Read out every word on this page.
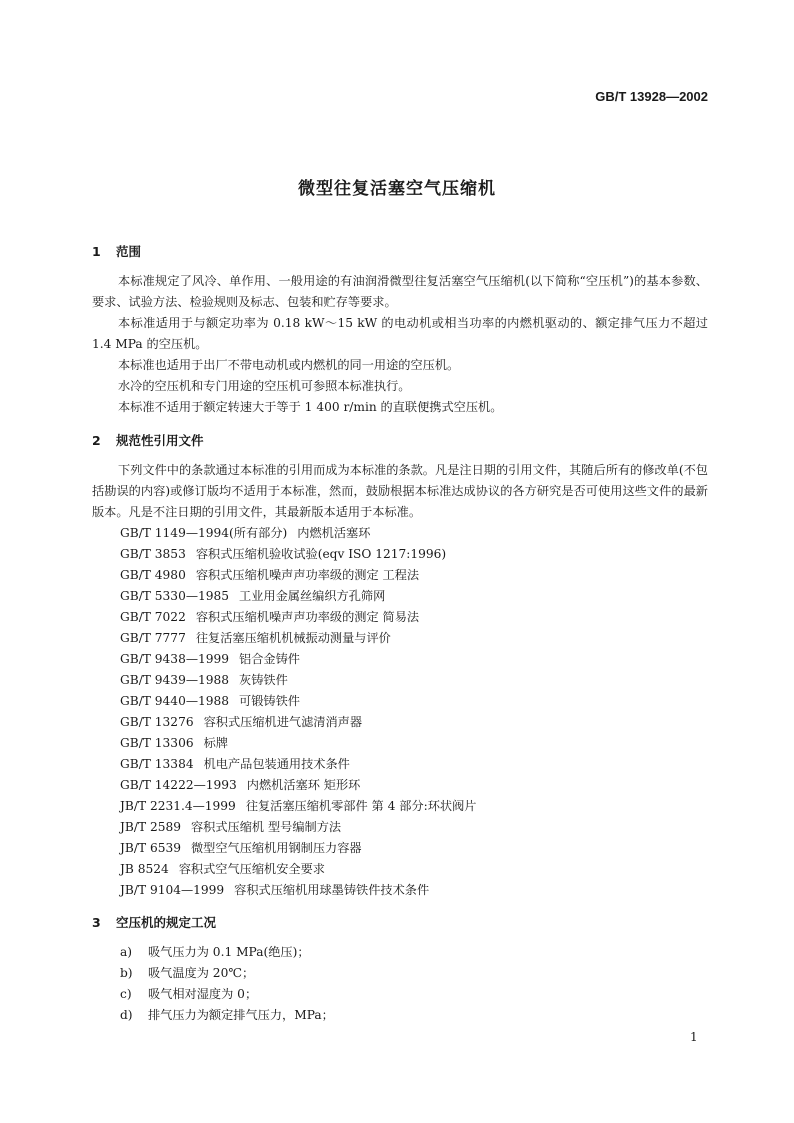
GB/T 13928—2002
微型往复活塞空气压缩机
1 范围

本标准规定了风冷、单作用、一般用途的有油润滑微型往复活塞空气压缩机(以下简称“空压机”)的基本参数、要求、试验方法、检验规则及标志、包装和贮存等要求。

本标准适用于与额定功率为 0.18 kW～15 kW 的电动机或相当功率的内燃机驱动的、额定排气压力不超过 1.4 MPa 的空压机。

本标准也适用于出厂不带电动机或内燃机的同一用途的空压机。

水冷的空压机和专门用途的空压机可参照本标准执行。

本标准不适用于额定转速大于等于 1 400 r/min 的直联便携式空压机。

2 规范性引用文件

下列文件中的条款通过本标准的引用而成为本标准的条款。凡是注日期的引用文件，其随后所有的修改单(不包括勘误的内容)或修订版均不适用于本标准，然而，鼓励根据本标准达成协议的各方研究是否可使用这些文件的最新版本。凡是不注日期的引用文件，其最新版本适用于本标准。

GB/T 1149—1994(所有部分) 内燃机活塞环
GB/T 3853 容积式压缩机验收试验(eqv ISO 1217:1996)
GB/T 4980 容积式压缩机噪声声功率级的测定 工程法
GB/T 5330—1985 工业用金属丝编织方孔筛网
GB/T 7022 容积式压缩机噪声声功率级的测定 简易法
GB/T 7777 往复活塞压缩机机械振动测量与评价
GB/T 9438—1999 铝合金铸件
GB/T 9439—1988 灰铸铁件
GB/T 9440—1988 可锻铸铁件
GB/T 13276 容积式压缩机进气滤清消声器
GB/T 13306 标牌
GB/T 13384 机电产品包装通用技术条件
GB/T 14222—1993 内燃机活塞环 矩形环
JB/T 2231.4—1999 往复活塞压缩机零部件 第 4 部分:环状阀片
JB/T 2589 容积式压缩机 型号编制方法
JB/T 6539 微型空气压缩机用钢制压力容器
JB 8524 容积式空气压缩机安全要求
JB/T 9104—1999 容积式压缩机用球墨铸铁件技术条件
3 空压机的规定工况
a) 吸气压力为 0.1 MPa(绝压)；
b) 吸气温度为 20℃；
c) 吸气相对湿度为 0；
d) 排气压力为额定排气压力，MPa；
1
